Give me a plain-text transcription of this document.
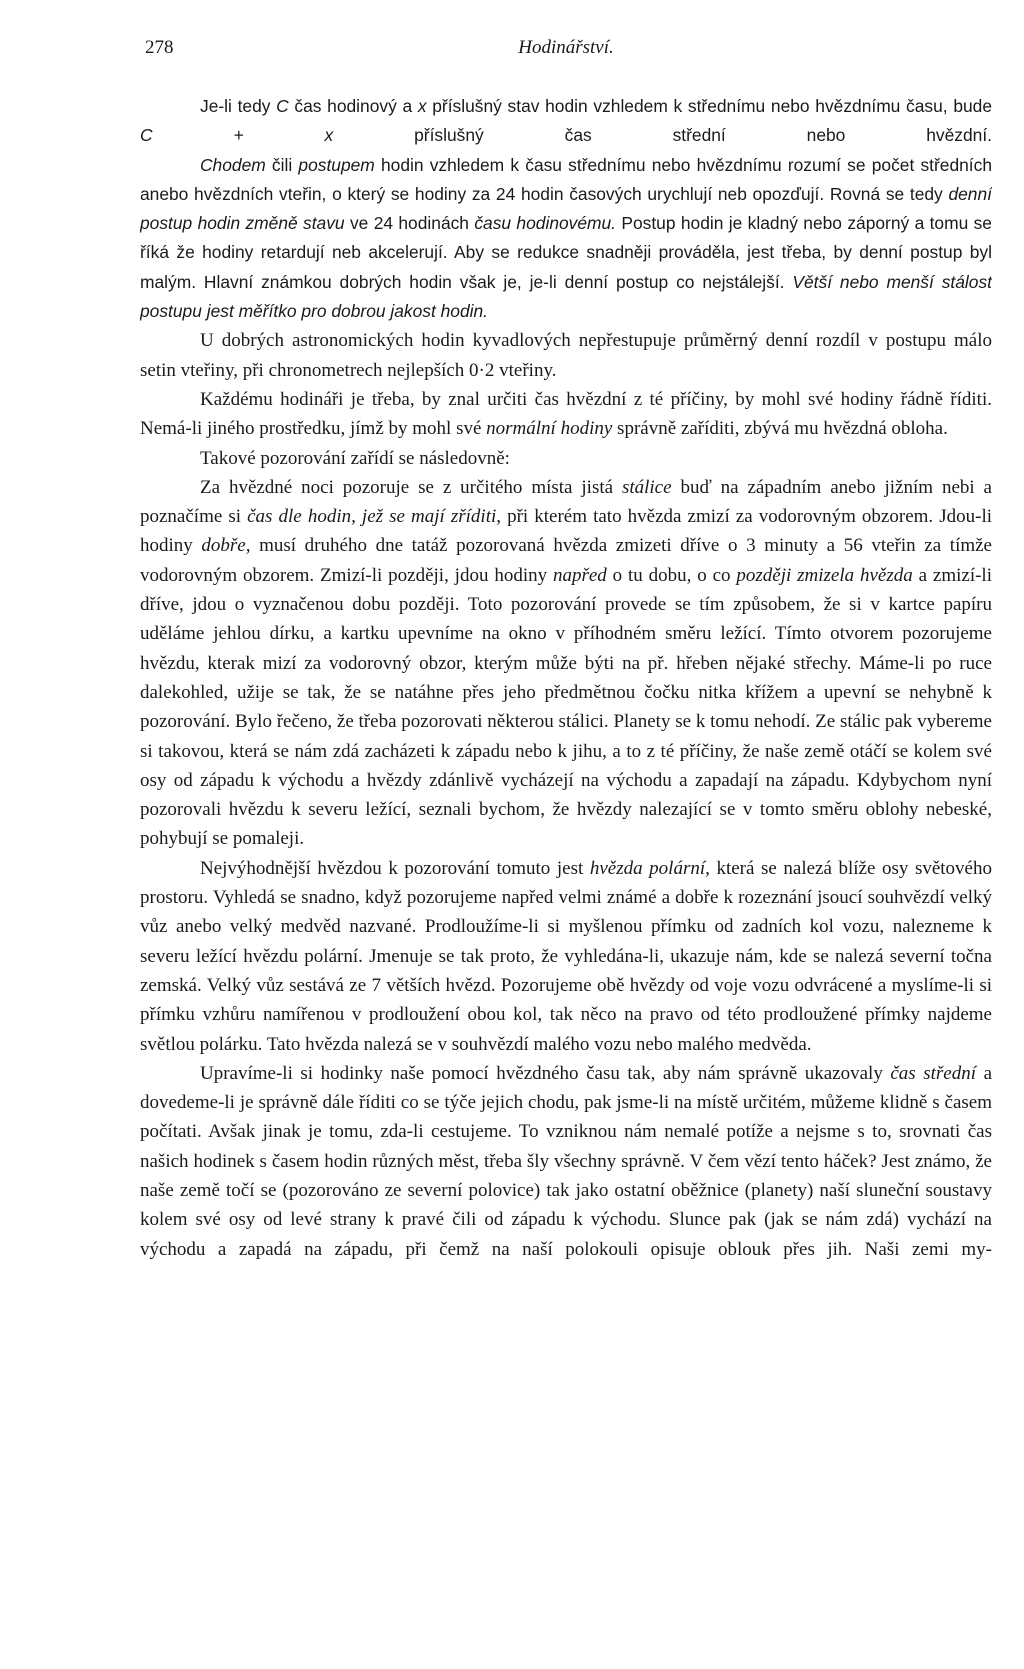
278	Hodinářství.

Je-li tedy C čas hodinový a x příslušný stav hodin vzhledem k střednímu nebo hvězdnímu času, bude C + x příslušný čas střední nebo hvězdní.

Chodem čili postupem hodin vzhledem k času střednímu nebo hvězdnímu rozumí se počet středních anebo hvězdních vteřin, o který se hodiny za 24 hodin časových urychlují neb opozďují. Rovná se tedy denní postup hodin změně stavu ve 24 hodinách času hodinovému. Postup hodin je kladný nebo záporný a tomu se říká že hodiny retardují neb akcelerují. Aby se redukce snadněji prováděla, jest třeba, by denní postup byl malým. Hlavní známkou dobrých hodin však je, je-li denní postup co nejstálejší. Větší nebo menší stálost postupu jest měřítko pro dobrou jakost hodin.

U dobrých astronomických hodin kyvadlových nepřestupuje průměrný denní rozdíl v postupu málo setin vteřiny, při chronometrech nejlepších 0·2 vteřiny.

Každému hodináři je třeba, by znal určiti čas hvězdní z té příčiny, by mohl své hodiny řádně říditi. Nemá-li jiného prostředku, jímž by mohl své normální hodiny správně zaříditi, zbývá mu hvězdná obloha.

Takové pozorování zařídí se následovně:

Za hvězdné noci pozoruje se z určitého místa jistá stálice buď na západním anebo jižním nebi a poznačíme si čas dle hodin, jež se mají zříditi, při kterém tato hvězda zmizí za vodorovným obzorem. Jdou-li hodiny dobře, musí druhého dne tatáž pozorovaná hvězda zmizeti dříve o 3 minuty a 56 vteřin za tímže vodorovným obzorem. Zmizí-li později, jdou hodiny napřed o tu dobu, o co později zmizela hvězda a zmizí-li dříve, jdou o vyznačenou dobu později. Toto pozorování provede se tím způsobem, že si v kartce papíru uděláme jehlou dírku, a kartku upevníme na okno v příhodném směru ležící. Tímto otvorem pozorujeme hvězdu, kterak mizí za vodorovný obzor, kterým může býti na př. hřeben nějaké střechy. Máme-li po ruce dalekohled, užije se tak, že se natáhne přes jeho předmětnou čočku nitka křížem a upevní se nehybně k pozorování. Bylo řečeno, že třeba pozorovati některou stálici. Planety se k tomu nehodí. Ze stálic pak vybereme si takovou, která se nám zdá zacházeti k západu nebo k jihu, a to z té příčiny, že naše země otáčí se kolem své osy od západu k východu a hvězdy zdánlivě vycházejí na východu a zapadají na západu. Kdybychom nyní pozorovali hvězdu k severu ležící, seznali bychom, že hvězdy nalezající se v tomto směru oblohy nebeské, pohybují se pomaleji.

Nejvýhodnější hvězdou k pozorování tomuto jest hvězda polární, která se nalezá blíže osy světového prostoru. Vyhledá se snadno, když pozorujeme napřed velmi známé a dobře k rozeznání jsoucí souhvězdí velký vůz anebo velký medvěd nazvané. Prodloužíme-li si myšlenou přímku od zadních kol vozu, nalezneme k severu ležící hvězdu polární. Jmenuje se tak proto, že vyhledána-li, ukazuje nám, kde se nalezá severní točna zemská. Velký vůz sestává ze 7 větších hvězd. Pozorujeme obě hvězdy od voje vozu odvrácené a myslíme-li si přímku vzhůru namířenou v prodloužení obou kol, tak něco na pravo od této prodloužené přímky najdeme světlou polárku. Tato hvězda nalezá se v souhvězdí malého vozu nebo malého medvěda.

Upravíme-li si hodinky naše pomocí hvězdného času tak, aby nám správně ukazovaly čas střední a dovedeme-li je správně dále říditi co se týče jejich chodu, pak jsme-li na místě určitém, můžeme klidně s časem počítati. Avšak jinak je tomu, zda-li cestujeme. To vzniknou nám nemalé potíže a nejsme s to, srovnati čas našich hodinek s časem hodin různých měst, třeba šly všechny správně. V čem vězí tento háček? Jest známo, že naše země točí se (pozorováno ze severní polovice) tak jako ostatní oběžnice (planety) naší sluneční soustavy kolem své osy od levé strany k pravé čili od západu k východu. Slunce pak (jak se nám zdá) vychází na východu a zapadá na západu, při čemž na naší polokouli opisuje oblouk přes jih. Naši zemi my-
